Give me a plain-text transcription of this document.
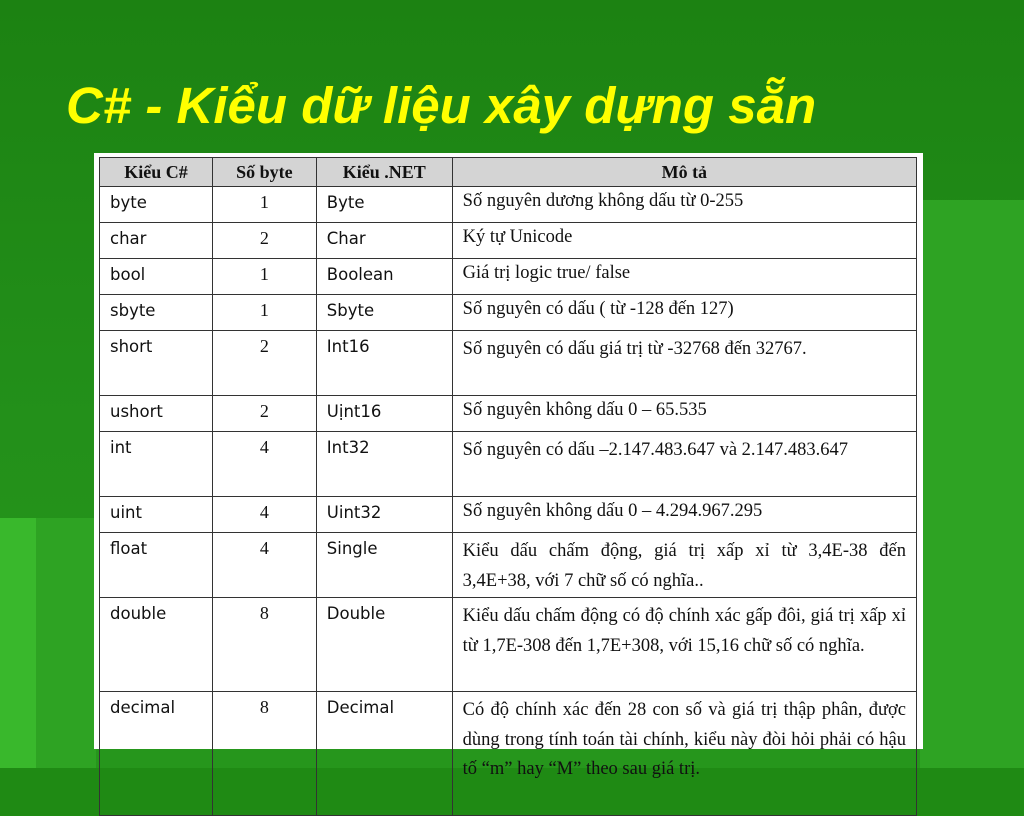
C# - Kiểu dữ liệu xây dựng sẵn
Kiểu C#	Số byte	Kiểu .NET	Mô tả
byte	1	Byte	Số nguyên dương không dấu từ 0-255
char	2	Char	Ký tự Unicode
bool	1	Boolean	Giá trị logic true/ false
sbyte	1	Sbyte	Số nguyên có dấu ( từ -128 đến 127)
short	2	Int16	Số nguyên có dấu giá trị từ -32768 đến 32767.
ushort	2	Uịnt16	Số nguyên không dấu 0 – 65.535
int	4	Int32	Số nguyên có dấu –2.147.483.647 và 2.147.483.647
uint	4	Uint32	Số nguyên không dấu 0 – 4.294.967.295
float	4	Single	Kiểu dấu chấm động, giá trị xấp xỉ từ 3,4E-38 đến 3,4E+38, với 7 chữ số có nghĩa..
double	8	Double	Kiểu dấu chấm động có độ chính xác gấp đôi, giá trị xấp xỉ từ 1,7E-308 đến 1,7E+308, với 15,16 chữ số có nghĩa.
decimal	8	Decimal	Có độ chính xác đến 28 con số và giá trị thập phân, được dùng trong tính toán tài chính, kiểu này đòi hỏi phải có hậu tố “m” hay “M” theo sau giá trị.
